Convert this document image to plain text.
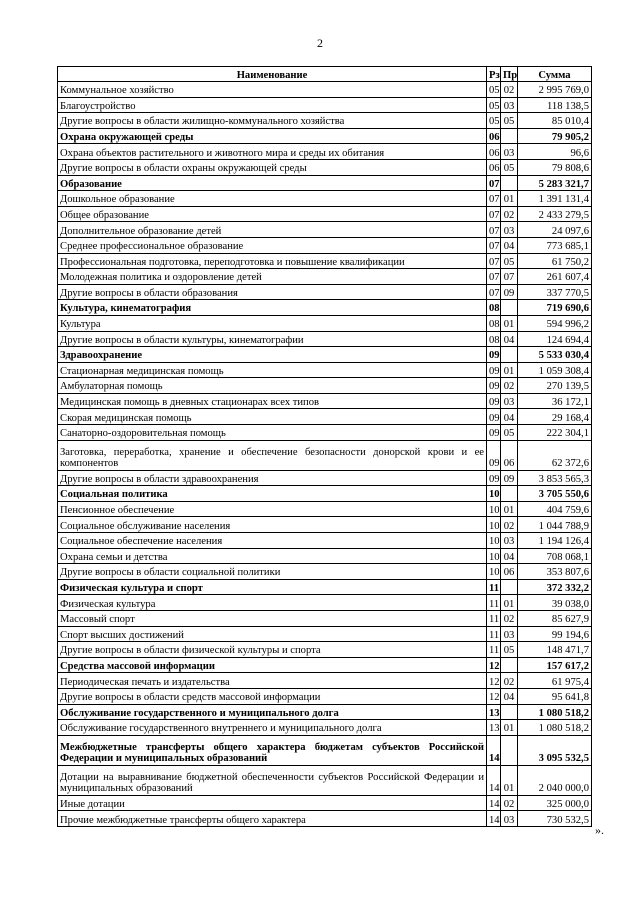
2
Наименование	Рз	Пр	Сумма
Коммунальное хозяйство	05	02	2 995 769,0
Благоустройство	05	03	118 138,5
Другие вопросы в области жилищно-коммунального хозяйства	05	05	85 010,4
Охрана окружающей среды	06		79 905,2
Охрана объектов растительного и животного мира и среды их обитания	06	03	96,6
Другие вопросы в области охраны окружающей среды	06	05	79 808,6
Образование	07		5 283 321,7
Дошкольное образование	07	01	1 391 131,4
Общее образование	07	02	2 433 279,5
Дополнительное образование детей	07	03	24 097,6
Среднее профессиональное образование	07	04	773 685,1
Профессиональная подготовка, переподготовка и повышение квалификации	07	05	61 750,2
Молодежная политика и оздоровление детей	07	07	261 607,4
Другие вопросы в области образования	07	09	337 770,5
Культура, кинематография	08		719 690,6
Культура	08	01	594 996,2
Другие вопросы в области культуры, кинематографии	08	04	124 694,4
Здравоохранение	09		5 533 030,4
Стационарная медицинская помощь	09	01	1 059 308,4
Амбулаторная помощь	09	02	270 139,5
Медицинская помощь в дневных стационарах всех типов	09	03	36 172,1
Скорая медицинская помощь	09	04	29 168,4
Санаторно-оздоровительная помощь	09	05	222 304,1
Заготовка, переработка, хранение и обеспечение безопасности донорской крови и ее компонентов	09	06	62 372,6
Другие вопросы в области здравоохранения	09	09	3 853 565,3
Социальная политика	10		3 705 550,6
Пенсионное обеспечение	10	01	404 759,6
Социальное обслуживание населения	10	02	1 044 788,9
Социальное обеспечение населения	10	03	1 194 126,4
Охрана семьи и детства	10	04	708 068,1
Другие вопросы в области социальной политики	10	06	353 807,6
Физическая культура и спорт	11		372 332,2
Физическая культура	11	01	39 038,0
Массовый спорт	11	02	85 627,9
Спорт высших достижений	11	03	99 194,6
Другие вопросы в области физической культуры и спорта	11	05	148 471,7
Средства массовой информации	12		157 617,2
Периодическая печать и издательства	12	02	61 975,4
Другие вопросы в области средств массовой информации	12	04	95 641,8
Обслуживание государственного и муниципального долга	13		1 080 518,2
Обслуживание государственного внутреннего и муниципального долга	13	01	1 080 518,2
Межбюджетные трансферты общего характера бюджетам субъектов Российской Федерации и муниципальных образований	14		3 095 532,5
Дотации на выравнивание бюджетной обеспеченности субъектов Российской Федерации и муниципальных образований	14	01	2 040 000,0
Иные дотации	14	02	325 000,0
Прочие межбюджетные трансферты общего характера	14	03	730 532,5
».
